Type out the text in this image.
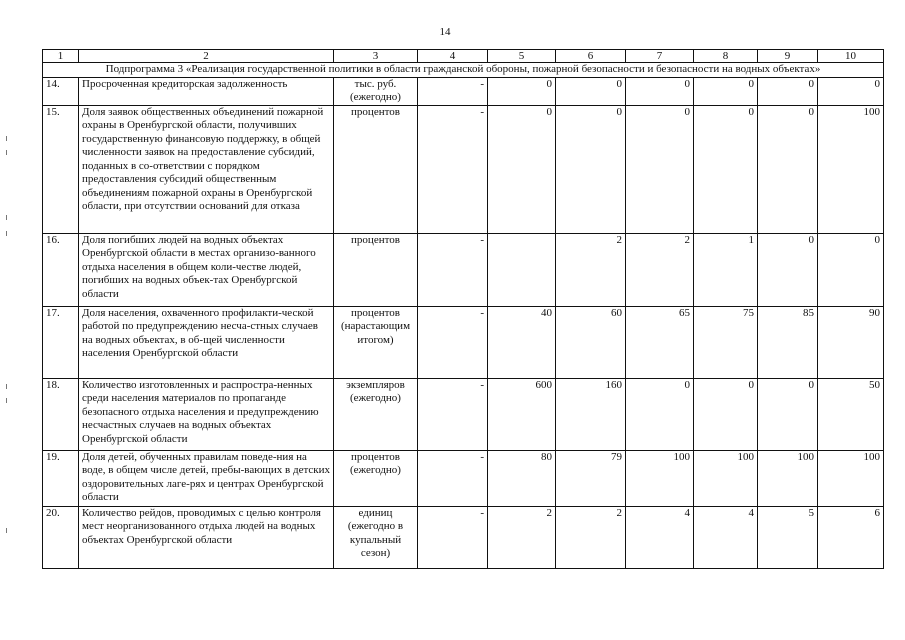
14
1	2	3	4	5	6	7	8	9	10
Подпрограмма 3 «Реализация государственной политики в области гражданской обороны, пожарной безопасности и безопасности на водных объектах»									
14.	Просроченная кредиторская задолженность	тыс. руб. (ежегодно)	-	0	0	0	0	0	0
15.	Доля заявок общественных объединений пожарной охраны в Оренбургской области, получивших государственную финансовую поддержку, в общей численности заявок на предоставление субсидий, поданных в со-ответствии с порядком предоставления субсидий общественным объединениям пожарной охраны в Оренбургской области, при отсутствии оснований для отказа	процентов	-	0	0	0	0	0	100
16.	Доля погибших людей на водных объектах Оренбургской области в местах организо-ванного отдыха населения в общем коли-честве людей, погибших на водных объек-тах Оренбургской области	процентов	-		2	2	1	0	0
17.	Доля населения, охваченного профилакти-ческой работой по предупреждению несча-стных случаев на водных объектах, в об-щей численности населения Оренбургской области	процентов (нарастающим итогом)	-	40	60	65	75	85	90
18.	Количество изготовленных и распростра-ненных среди населения материалов по пропаганде безопасного отдыха населения и предупреждению несчастных случаев на водных объектах Оренбургской области	экземпляров (ежегодно)	-	600	160	0	0	0	50
19.	Доля детей, обученных правилам поведе-ния на воде, в общем числе детей, пребы-вающих в детских оздоровительных лаге-рях и центрах Оренбургской области	процентов (ежегодно)	-	80	79	100	100	100	100
20.	Количество рейдов, проводимых с целью контроля мест неорганизованного отдыха людей на водных объектах Оренбургской области	единиц (ежегодно в купальный сезон)	-	2	2	4	4	5	6
